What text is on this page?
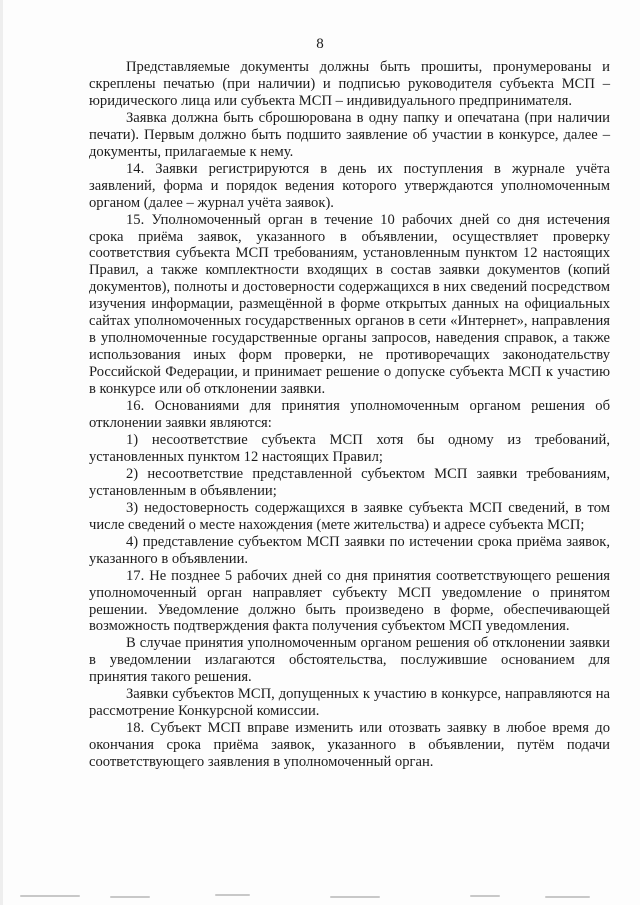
8

Представляемые документы должны быть прошиты, пронумерованы и скреплены печатью (при наличии) и подписью руководителя субъекта МСП – юридического лица или субъекта МСП – индивидуального предпринимателя.

Заявка должна быть сброшюрована в одну папку и опечатана (при наличии печати). Первым должно быть подшито заявление об участии в конкурсе, далее – документы, прилагаемые к нему.

14. Заявки регистрируются в день их поступления в журнале учёта заявлений, форма и порядок ведения которого утверждаются уполномоченным органом (далее – журнал учёта заявок).

15. Уполномоченный орган в течение 10 рабочих дней со дня истечения срока приёма заявок, указанного в объявлении, осуществляет проверку соответствия субъекта МСП требованиям, установленным пунктом 12 настоящих Правил, а также комплектности входящих в состав заявки документов (копий документов), полноты и достоверности содержащихся в них сведений посредством изучения информации, размещённой в форме открытых данных на официальных сайтах уполномоченных государственных органов в сети «Интернет», направления в уполномоченные государственные органы запросов, наведения справок, а также использования иных форм проверки, не противоречащих законодательству Российской Федерации, и принимает решение о допуске субъекта МСП к участию в конкурсе или об отклонении заявки.

16. Основаниями для принятия уполномоченным органом решения об отклонении заявки являются:

1) несоответствие субъекта МСП хотя бы одному из требований, установленных пунктом 12 настоящих Правил;

2) несоответствие представленной субъектом МСП заявки требованиям, установленным в объявлении;

3) недостоверность содержащихся в заявке субъекта МСП сведений, в том числе сведений о месте нахождения (мете жительства) и адресе субъекта МСП;

4) представление субъектом МСП заявки по истечении срока приёма заявок, указанного в объявлении.

17. Не позднее 5 рабочих дней со дня принятия соответствующего решения уполномоченный орган направляет субъекту МСП уведомление о принятом решении. Уведомление должно быть произведено в форме, обеспечивающей возможность подтверждения факта получения субъектом МСП уведомления.

В случае принятия уполномоченным органом решения об отклонении заявки в уведомлении излагаются обстоятельства, послужившие основанием для принятия такого решения.

Заявки субъектов МСП, допущенных к участию в конкурсе, направляются на рассмотрение Конкурсной комиссии.

18. Субъект МСП вправе изменить или отозвать заявку в любое время до окончания срока приёма заявок, указанного в объявлении, путём подачи соответствующего заявления в уполномоченный орган.
